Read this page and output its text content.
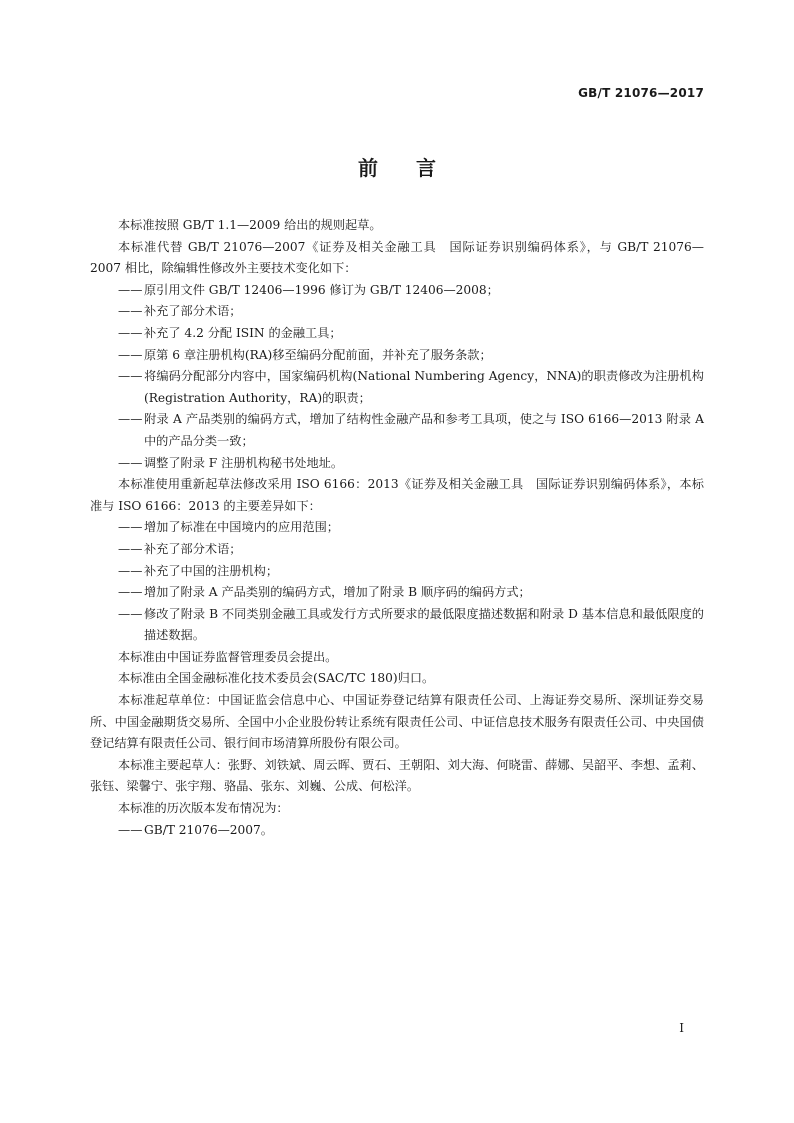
GB/T 21076—2017
前 言

本标准按照 GB/T 1.1—2009 给出的规则起草。

本标准代替 GB/T 21076—2007《证券及相关金融工具　国际证券识别编码体系》，与 GB/T 21076—2007 相比，除编辑性修改外主要技术变化如下：

—— 原引用文件 GB/T 12406—1996 修订为 GB/T 12406—2008；

—— 补充了部分术语；

—— 补充了 4.2 分配 ISIN 的金融工具；

—— 原第 6 章注册机构(RA)移至编码分配前面，并补充了服务条款；

—— 将编码分配部分内容中，国家编码机构(National Numbering Agency，NNA)的职责修改为注册机构(Registration Authority，RA)的职责；

—— 附录 A 产品类别的编码方式，增加了结构性金融产品和参考工具项，使之与 ISO 6166—2013 附录 A 中的产品分类一致；

—— 调整了附录 F 注册机构秘书处地址。

本标准使用重新起草法修改采用 ISO 6166：2013《证券及相关金融工具　国际证券识别编码体系》，本标准与 ISO 6166：2013 的主要差异如下：

—— 增加了标准在中国境内的应用范围；

—— 补充了部分术语；

—— 补充了中国的注册机构；

—— 增加了附录 A 产品类别的编码方式，增加了附录 B 顺序码的编码方式；

—— 修改了附录 B 不同类别金融工具或发行方式所要求的最低限度描述数据和附录 D 基本信息和最低限度的描述数据。

本标准由中国证券监督管理委员会提出。

本标准由全国金融标准化技术委员会(SAC/TC 180)归口。

本标准起草单位：中国证监会信息中心、中国证券登记结算有限责任公司、上海证券交易所、深圳证券交易所、中国金融期货交易所、全国中小企业股份转让系统有限责任公司、中证信息技术服务有限责任公司、中央国债登记结算有限责任公司、银行间市场清算所股份有限公司。

本标准主要起草人：张野、刘铁斌、周云晖、贾石、王朝阳、刘大海、何晓雷、薛娜、吴韶平、李想、孟莉、张钰、梁馨宁、张宇翔、骆晶、张东、刘巍、公成、何松洋。

本标准的历次版本发布情况为：

—— GB/T 21076—2007。

I
